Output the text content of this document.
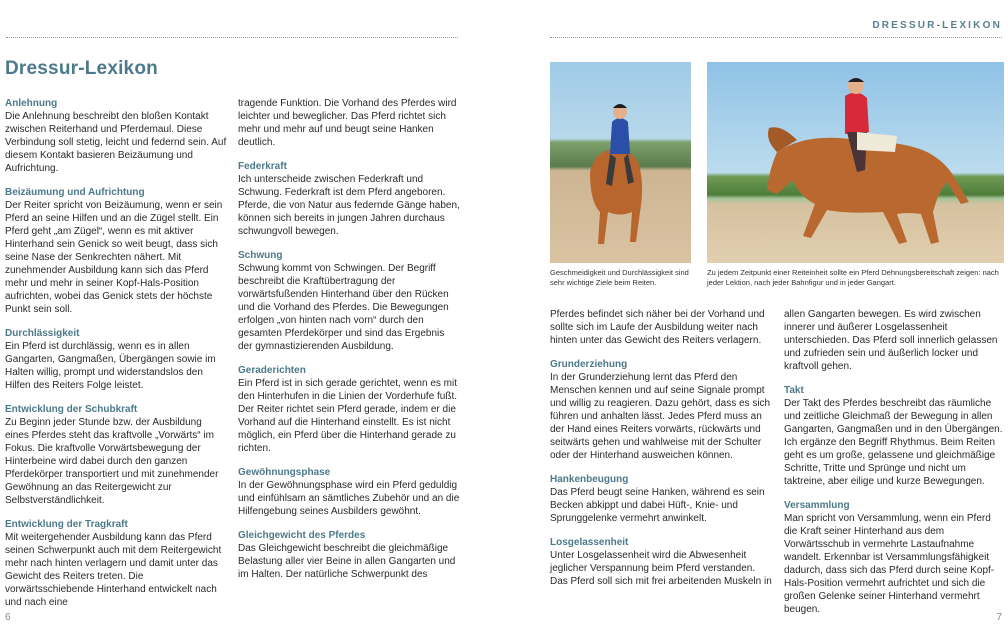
DRESSUR-LEXIKON
Dressur-Lexikon
Anlehnung

Die Anlehnung beschreibt den bloßen Kontakt zwischen Reiterhand und Pferdemaul. Diese Verbindung soll stetig, leicht und federnd sein. Auf diesem Kontakt basieren Beizäumung und Aufrichtung.

Beizäumung und Aufrichtung

Der Reiter spricht von Beizäumung, wenn er sein Pferd an seine Hilfen und an die Zügel stellt. Ein Pferd geht „am Zügel“, wenn es mit aktiver Hinterhand sein Genick so weit beugt, dass sich seine Nase der Senkrechten nähert. Mit zunehmender Ausbildung kann sich das Pferd mehr und mehr in seiner Kopf-Hals-Position aufrichten, wobei das Genick stets der höchste Punkt sein soll.

Durchlässigkeit

Ein Pferd ist durchlässig, wenn es in allen Gangarten, Gangmaßen, Übergängen sowie im Halten willig, prompt und widerstandslos den Hilfen des Reiters Folge leistet.

Entwicklung der Schubkraft

Zu Beginn jeder Stunde bzw. der Ausbildung eines Pferdes steht das kraftvolle „Vorwärts“ im Fokus. Die kraftvolle Vorwärtsbewegung der Hinterbeine wird dabei durch den ganzen Pferdekörper transportiert und mit zunehmender Gewöhnung an das Reitergewicht zur Selbstverständlichkeit.

Entwicklung der Tragkraft

Mit weitergehender Ausbildung kann das Pferd seinen Schwerpunkt auch mit dem Reitergewicht mehr nach hinten verlagern und damit unter das Gewicht des Reiters treten. Die vorwärtsschiebende Hinterhand entwickelt nach und nach eine

tragende Funktion. Die Vorhand des Pferdes wird leichter und beweglicher. Das Pferd richtet sich mehr und mehr auf und beugt seine Hanken deutlich.

Federkraft

Ich unterscheide zwischen Federkraft und Schwung. Federkraft ist dem Pferd angeboren. Pferde, die von Natur aus federnde Gänge haben, können sich bereits in jungen Jahren durchaus schwungvoll bewegen.

Schwung

Schwung kommt von Schwingen. Der Begriff beschreibt die Kraftübertragung der vorwärtsfußenden Hinterhand über den Rücken und die Vorhand des Pferdes. Die Bewegungen erfolgen „von hinten nach vorn“ durch den gesamten Pferdekörper und sind das Ergebnis der gymnastizierenden Ausbildung.

Geraderichten

Ein Pferd ist in sich gerade gerichtet, wenn es mit den Hinterhufen in die Linien der Vorderhufe fußt. Der Reiter richtet sein Pferd gerade, indem er die Vorhand auf die Hinterhand einstellt. Es ist nicht möglich, ein Pferd über die Hinterhand gerade zu richten.

Gewöhnungsphase

In der Gewöhnungsphase wird ein Pferd geduldig und einfühlsam an sämtliches Zubehör und an die Hilfengebung seines Ausbilders gewöhnt.

Gleichgewicht des Pferdes

Das Gleichgewicht beschreibt die gleichmäßige Belastung aller vier Beine in allen Gangarten und im Halten. Der natürliche Schwerpunkt des

Geschmeidigkeit und Durchlässigkeit sind sehr wichtige Ziele beim Reiten.
Zu jedem Zeitpunkt einer Reiteinheit sollte ein Pferd Dehnungsbereitschaft zeigen: nach jeder Lektion, nach jeder Bahnfigur und in jeder Gangart.

Pferdes befindet sich näher bei der Vorhand und sollte sich im Laufe der Ausbildung weiter nach hinten unter das Gewicht des Reiters verlagern.

Grunderziehung

In der Grunderziehung lernt das Pferd den Menschen kennen und auf seine Signale prompt und willig zu reagieren. Dazu gehört, dass es sich führen und anhalten lässt. Jedes Pferd muss an der Hand eines Reiters vorwärts, rückwärts und seitwärts gehen und wahlweise mit der Schulter oder der Hinterhand ausweichen können.

Hankenbeugung

Das Pferd beugt seine Hanken, während es sein Becken abkippt und dabei Hüft-, Knie- und Sprunggelenke vermehrt anwinkelt.

Losgelassenheit

Unter Losgelassenheit wird die Abwesenheit jeglicher Verspannung beim Pferd verstanden. Das Pferd soll sich mit frei arbeitenden Muskeln in

allen Gangarten bewegen. Es wird zwischen innerer und äußerer Losgelassenheit unterschieden. Das Pferd soll innerlich gelassen und zufrieden sein und äußerlich locker und kraftvoll gehen.

Takt

Der Takt des Pferdes beschreibt das räumliche und zeitliche Gleichmaß der Bewegung in allen Gangarten, Gangmaßen und in den Übergängen. Ich ergänze den Begriff Rhythmus. Beim Reiten geht es um große, gelassene und gleichmäßige Schritte, Tritte und Sprünge und nicht um taktreine, aber eilige und kurze Bewegungen.

Versammlung

Man spricht von Versammlung, wenn ein Pferd die Kraft seiner Hinterhand aus dem Vorwärtsschub in vermehrte Lastaufnahme wandelt. Erkennbar ist Versammlungsfähigkeit dadurch, dass sich das Pferd durch seine Kopf-Hals-Position vermehrt aufrichtet und sich die großen Gelenke seiner Hinterhand vermehrt beugen.

6	7
